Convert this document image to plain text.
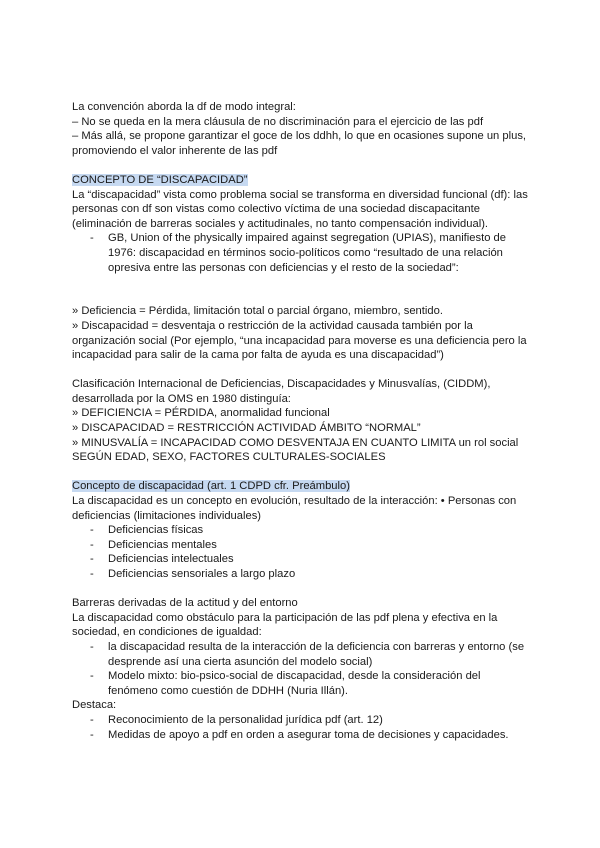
La convención aborda la df de modo integral:

– No se queda en la mera cláusula de no discriminación para el ejercicio de las pdf

– Más allá, se propone garantizar el goce de los ddhh, lo que en ocasiones supone un plus, promoviendo el valor inherente de las pdf

CONCEPTO DE “DISCAPACIDAD”

La “discapacidad” vista como problema social se transforma en diversidad funcional (df): las personas con df son vistas como colectivo víctima de una sociedad discapacitante (eliminación de barreras sociales y actitudinales, no tanto compensación individual).

- GB, Union of the physically impaired against segregation (UPIAS), manifiesto de 1976: discapacidad en términos socio-políticos como “resultado de una relación opresiva entre las personas con deficiencias y el resto de la sociedad”:

» Deficiencia = Pérdida, limitación total o parcial órgano, miembro, sentido.

» Discapacidad = desventaja o restricción de la actividad causada también por la organización social (Por ejemplo, “una incapacidad para moverse es una deficiencia pero la incapacidad para salir de la cama por falta de ayuda es una discapacidad”)

Clasificación Internacional de Deficiencias, Discapacidades y Minusvalías, (CIDDM), desarrollada por la OMS en 1980 distinguía:

» DEFICIENCIA = PÉRDIDA, anormalidad funcional

» DISCAPACIDAD = RESTRICCIÓN ACTIVIDAD ÁMBITO “NORMAL”

» MINUSVALÍA = INCAPACIDAD COMO DESVENTAJA EN CUANTO LIMITA un rol social SEGÚN EDAD, SEXO, FACTORES CULTURALES-SOCIALES

Concepto de discapacidad (art. 1 CDPD cfr. Preámbulo)

La discapacidad es un concepto en evolución, resultado de la interacción: • Personas con deficiencias (limitaciones individuales)

- Deficiencias físicas
- Deficiencias mentales
- Deficiencias intelectuales
- Deficiencias sensoriales a largo plazo

Barreras derivadas de la actitud y del entorno

La discapacidad como obstáculo para la participación de las pdf plena y efectiva en la sociedad, en condiciones de igualdad:

- la discapacidad resulta de la interacción de la deficiencia con barreras y entorno (se desprende así una cierta asunción del modelo social)
- Modelo mixto: bio-psico-social de discapacidad, desde la consideración del fenómeno como cuestión de DDHH (Nuria Illán).

Destaca:

- Reconocimiento de la personalidad jurídica pdf (art. 12)
- Medidas de apoyo a pdf en orden a asegurar toma de decisiones y capacidades.
